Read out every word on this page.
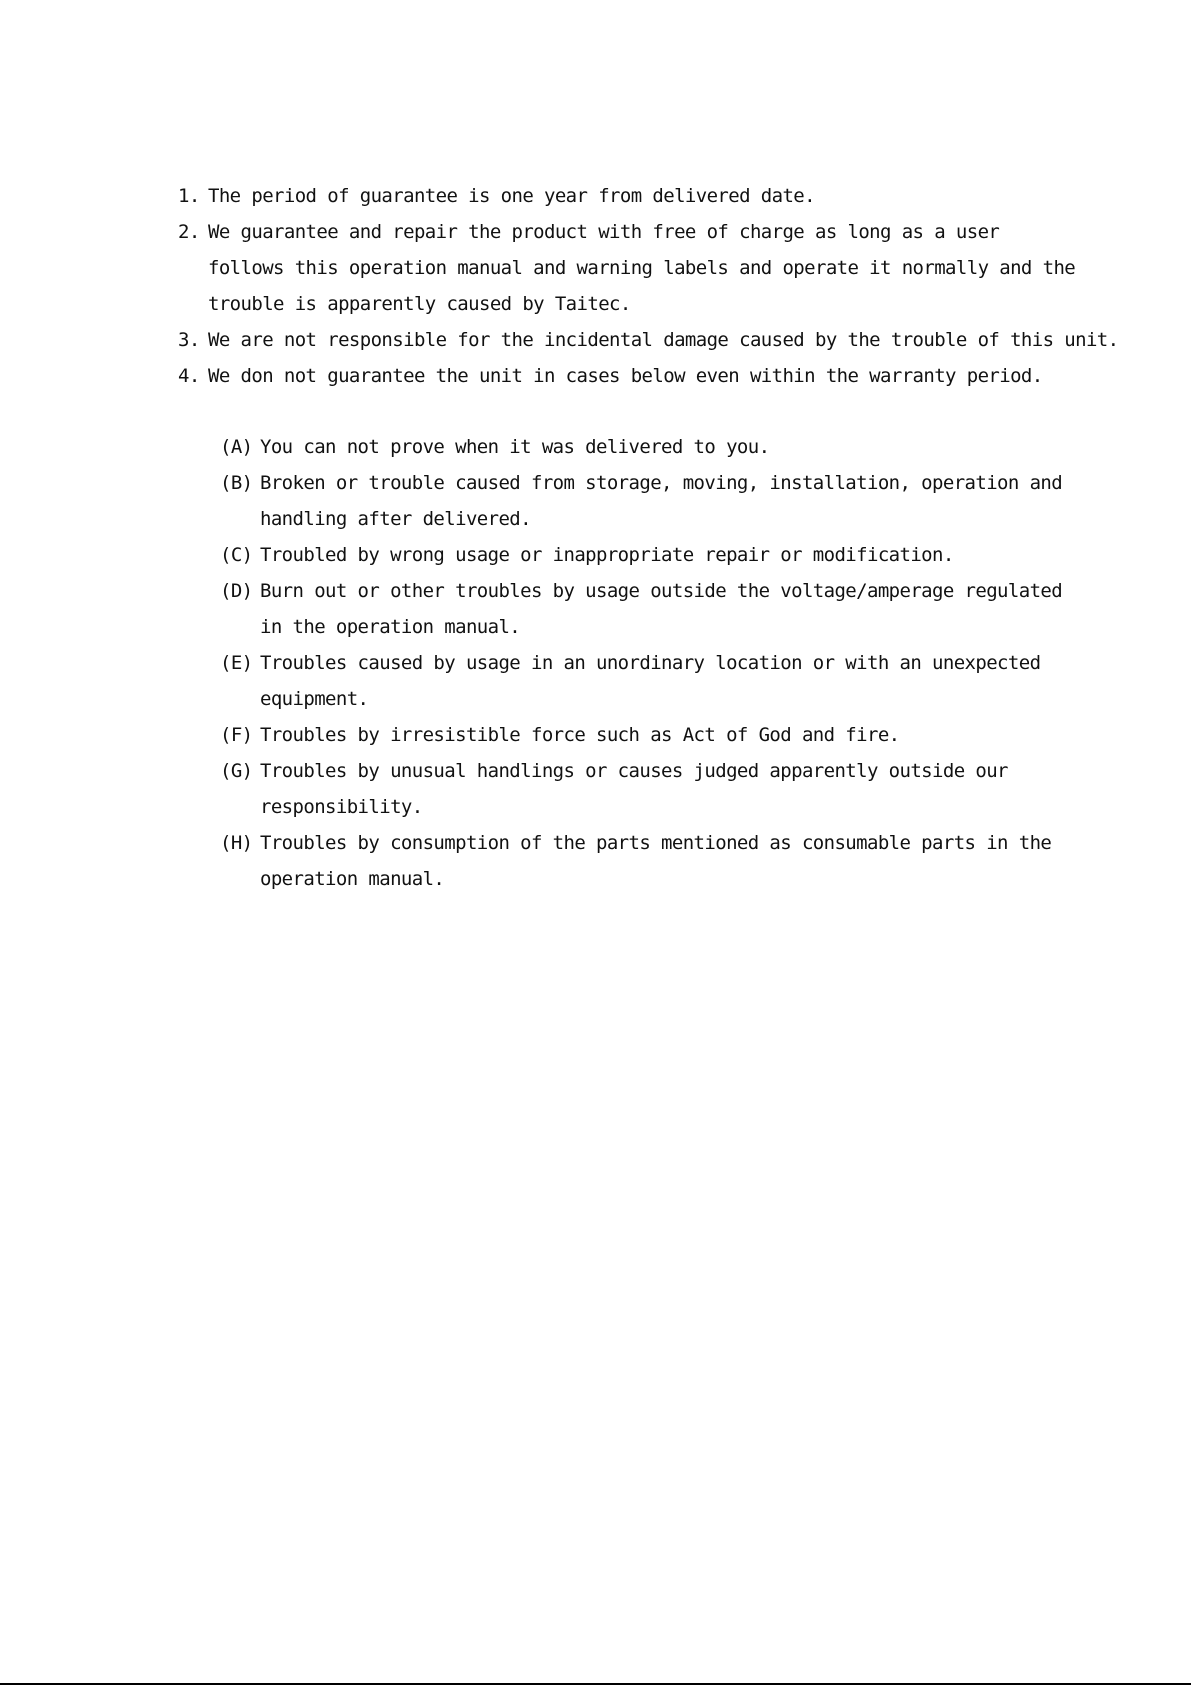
1. The period of guarantee is one year from delivered date.
2. We guarantee and repair the product with free of charge as long as a user
follows this operation manual and warning labels and operate it normally and the
trouble is apparently caused by Taitec.
3. We are not responsible for the incidental damage caused by the trouble of this unit.
4. We don not guarantee the unit in cases below even within the warranty period.
(A) You can not prove when it was delivered to you.
(B) Broken or trouble caused from storage, moving, installation, operation and
handling after delivered.
(C) Troubled by wrong usage or inappropriate repair or modification.
(D) Burn out or other troubles by usage outside the voltage/amperage regulated
in the operation manual.
(E) Troubles caused by usage in an unordinary location or with an unexpected
equipment.
(F) Troubles by irresistible force such as Act of God and fire.
(G) Troubles by unusual handlings or causes judged apparently outside our
responsibility.
(H) Troubles by consumption of the parts mentioned as consumable parts in the
operation manual.
